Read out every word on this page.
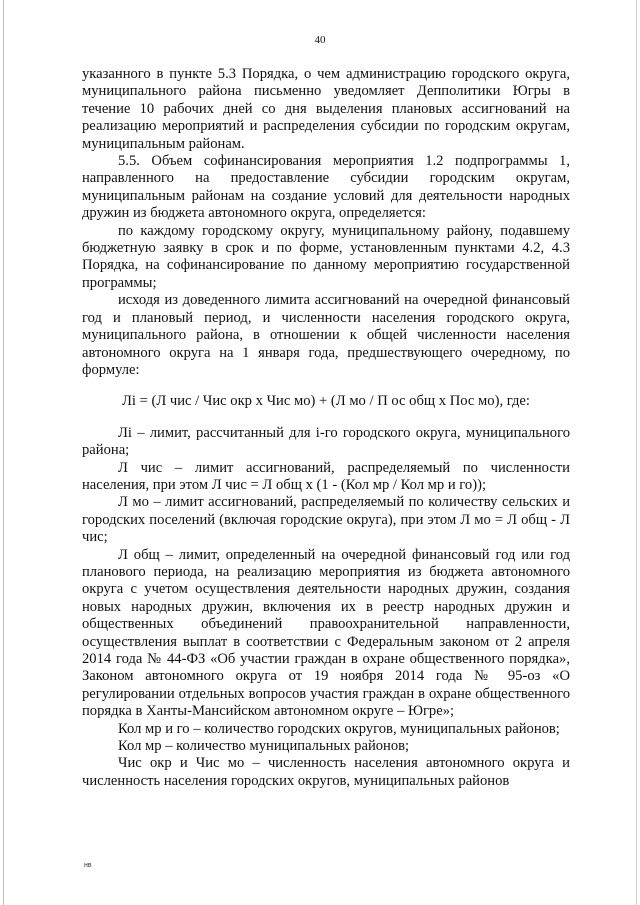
40

указанного в пункте 5.3 Порядка, о чем администрацию городского округа, муниципального района письменно уведомляет Депполитики Югры в течение 10 рабочих дней со дня выделения плановых ассигнований на реализацию мероприятий и распределения субсидии по городским округам, муниципальным районам.

5.5. Объем софинансирования мероприятия 1.2 подпрограммы 1, направленного на предоставление субсидии городским округам, муниципальным районам на создание условий для деятельности народных дружин из бюджета автономного округа, определяется:

по каждому городскому округу, муниципальному району, подавшему бюджетную заявку в срок и по форме, установленным пунктами 4.2, 4.3 Порядка, на софинансирование по данному мероприятию государственной программы;

исходя из доведенного лимита ассигнований на очередной финансовый год и плановый период, и численности населения городского округа, муниципального района, в отношении к общей численности населения автономного округа на 1 января года, предшествующего очередному, по формуле:

Лi = (Л чис / Чис окр x Чис мо) + (Л мо / П ос общ x Пос мо), где:

Лi – лимит, рассчитанный для i-го городского округа, муниципального района;

Л чис – лимит ассигнований, распределяемый по численности населения, при этом Л чис = Л общ x (1 - (Кол мр / Кол мр и го));

Л мо – лимит ассигнований, распределяемый по количеству сельских и городских поселений (включая городские округа), при этом Л мо = Л общ - Л чис;

Л общ – лимит, определенный на очередной финансовый год или год планового периода, на реализацию мероприятия из бюджета автономного округа с учетом осуществления деятельности народных дружин, создания новых народных дружин, включения их в реестр народных дружин и общественных объединений правоохранительной направленности, осуществления выплат в соответствии с Федеральным законом от 2 апреля 2014 года № 44-ФЗ «Об участии граждан в охране общественного порядка», Законом автономного округа от 19 ноября 2014 года № 95-оз «О регулировании отдельных вопросов участия граждан в охране общественного порядка в Ханты-Мансийском автономном округе – Югре»;

Кол мр и го – количество городских округов, муниципальных районов;

Кол мр – количество муниципальных районов;

Чис окр и Чис мо – численность населения автономного округа и численность населения городских округов, муниципальных районов

нв
